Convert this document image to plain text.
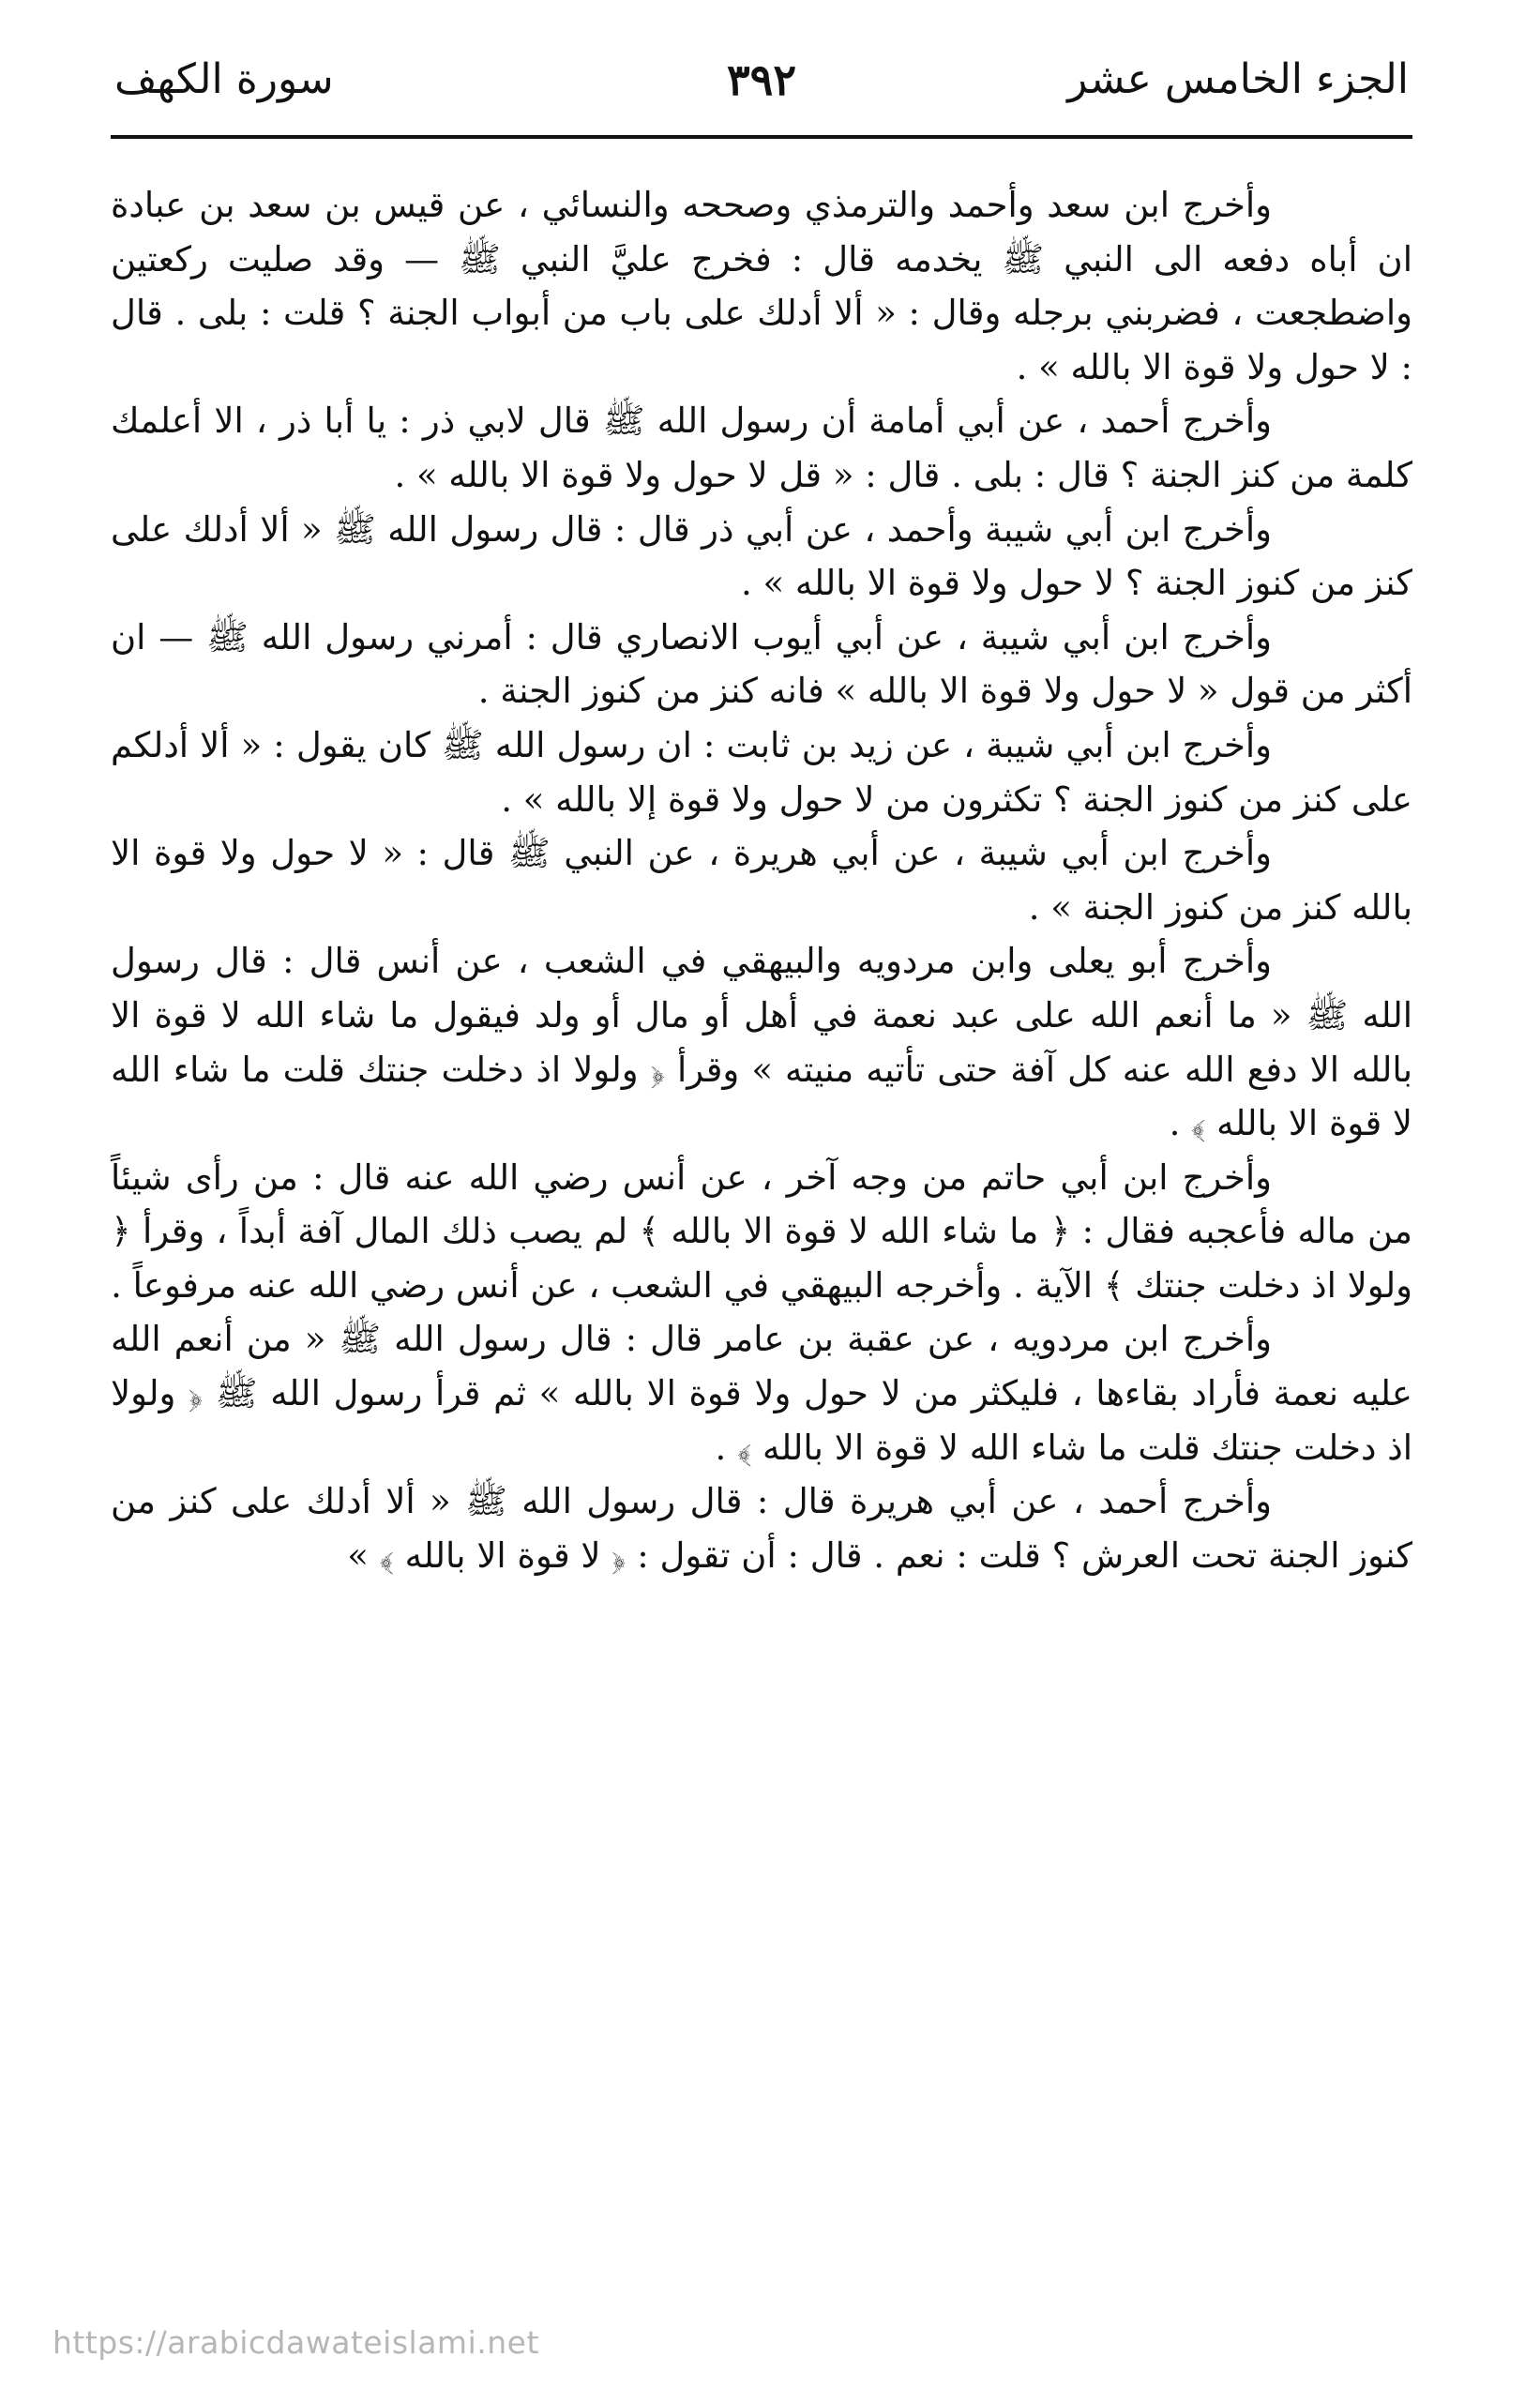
الجزء الخامس عشر
٣٩٢
سورة الكهف

وأخرج ابن سعد وأحمد والترمذي وصححه والنسائي ، عن قيس بن سعد بن عبادة ان أباه دفعه الى النبي ﷺ يخدمه قال : فخرج عليَّ النبي ﷺ — وقد صليت ركعتين واضطجعت ، فضربني برجله وقال : « ألا أدلك على باب من أبواب الجنة ؟ قلت : بلى . قال : لا حول ولا قوة الا بالله » .

وأخرج أحمد ، عن أبي أمامة أن رسول الله ﷺ قال لابي ذر : يا أبا ذر ، الا أعلمك كلمة من كنز الجنة ؟ قال : بلى . قال : « قل لا حول ولا قوة الا بالله » .

وأخرج ابن أبي شيبة وأحمد ، عن أبي ذر قال : قال رسول الله ﷺ « ألا أدلك على كنز من كنوز الجنة ؟ لا حول ولا قوة الا بالله » .

وأخرج ابن أبي شيبة ، عن أبي أيوب الانصاري قال : أمرني رسول الله ﷺ — ان أكثر من قول « لا حول ولا قوة الا بالله » فانه كنز من كنوز الجنة .

وأخرج ابن أبي شيبة ، عن زيد بن ثابت : ان رسول الله ﷺ كان يقول : « ألا أدلكم على كنز من كنوز الجنة ؟ تكثرون من لا حول ولا قوة إلا بالله » .

وأخرج ابن أبي شيبة ، عن أبي هريرة ، عن النبي ﷺ قال : « لا حول ولا قوة الا بالله كنز من كنوز الجنة » .

وأخرج أبو يعلى وابن مردويه والبيهقي في الشعب ، عن أنس قال : قال رسول الله ﷺ « ما أنعم الله على عبد نعمة في أهل أو مال أو ولد فيقول ما شاء الله لا قوة الا بالله الا دفع الله عنه كل آفة حتى تأتيه منيته » وقرأ ﴿ ولولا اذ دخلت جنتك قلت ما شاء الله لا قوة الا بالله ﴾ .

وأخرج ابن أبي حاتم من وجه آخر ، عن أنس رضي الله عنه قال : من رأى شيئاً من ماله فأعجبه فقال : ﴿ ما شاء الله لا قوة الا بالله ﴾ لم يصب ذلك المال آفة أبداً ، وقرأ ﴿ ولولا اذ دخلت جنتك ﴾ الآية . وأخرجه البيهقي في الشعب ، عن أنس رضي الله عنه مرفوعاً .

وأخرج ابن مردويه ، عن عقبة بن عامر قال : قال رسول الله ﷺ « من أنعم الله عليه نعمة فأراد بقاءها ، فليكثر من لا حول ولا قوة الا بالله » ثم قرأ رسول الله ﷺ ﴿ ولولا اذ دخلت جنتك قلت ما شاء الله لا قوة الا بالله ﴾ .

وأخرج أحمد ، عن أبي هريرة قال : قال رسول الله ﷺ « ألا أدلك على كنز من كنوز الجنة تحت العرش ؟ قلت : نعم . قال : أن تقول : ﴿ لا قوة الا بالله ﴾ »

https://arabicdawateislami.net
